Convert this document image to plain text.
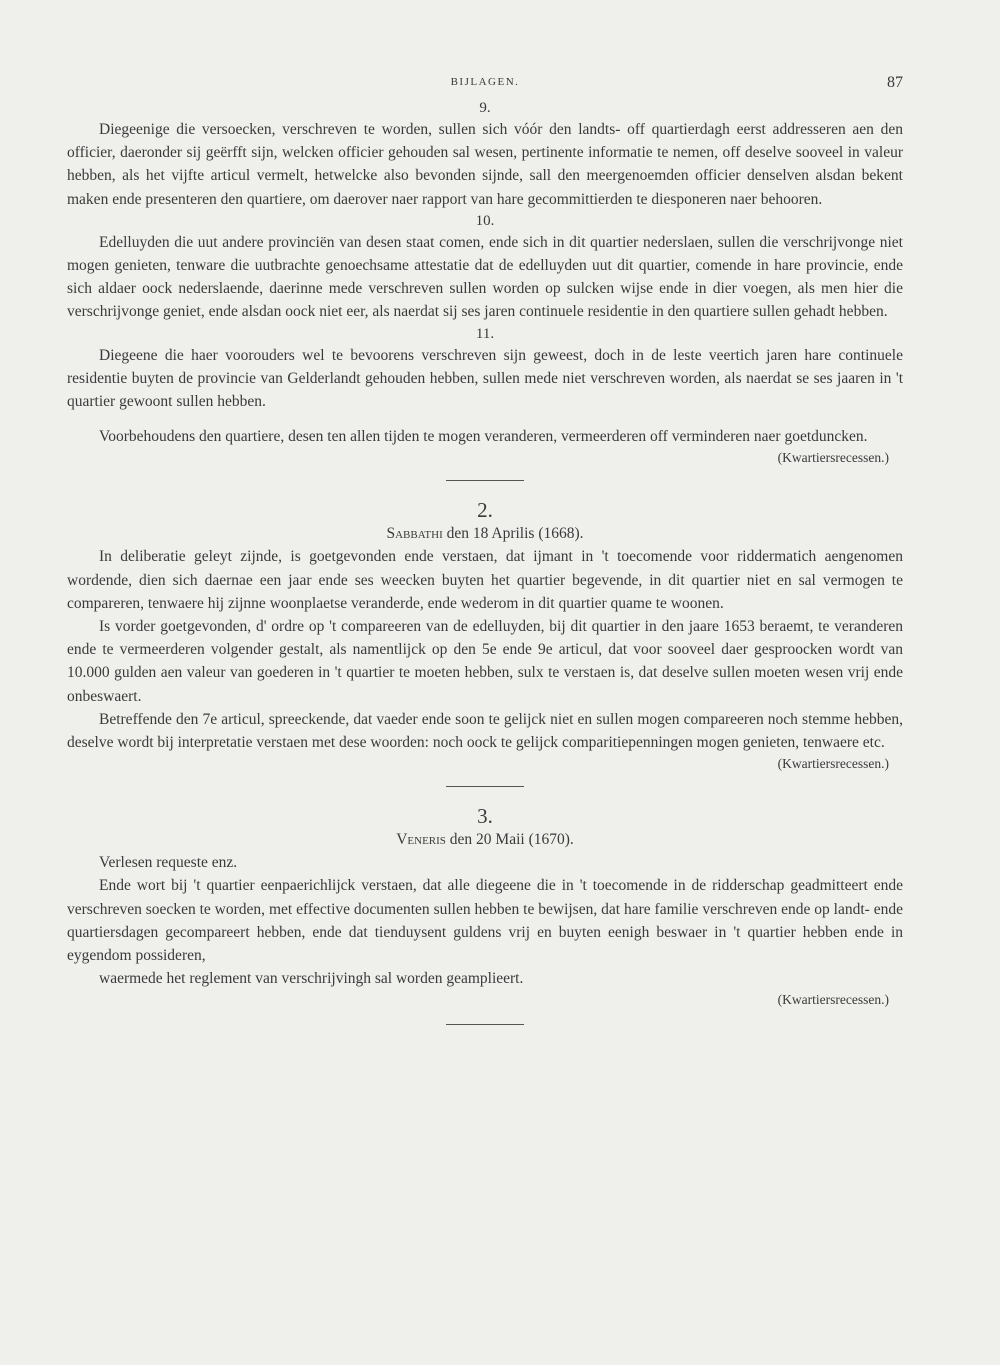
BIJLAGEN.	87

9.

Diegeenige die versoecken, verschreven te worden, sullen sich vóór den landts- off quartierdagh eerst addresseren aen den officier, daeronder sij geërfft sijn, welcken officier gehouden sal wesen, pertinente informatie te nemen, off deselve sooveel in valeur hebben, als het vijfte articul vermelt, hetwelcke also bevonden sijnde, sall den meergenoemden officier denselven alsdan bekent maken ende presenteren den quartiere, om daerover naer rapport van hare gecommittierden te diesponeren naer behooren.

10.

Edelluyden die uut andere provinciën van desen staat comen, ende sich in dit quartier nederslaen, sullen die verschrijvonge niet mogen genieten, tenware die uutbrachte genoechsame attestatie dat de edelluyden uut dit quartier, comende in hare provincie, ende sich aldaer oock nederslaende, daerinne mede verschreven sullen worden op sulcken wijse ende in dier voegen, als men hier die verschrijvonge geniet, ende alsdan oock niet eer, als naerdat sij ses jaren continuele residentie in den quartiere sullen gehadt hebben.

11.

Diegeene die haer voorouders wel te bevoorens verschreven sijn geweest, doch in de leste veertich jaren hare continuele residentie buyten de provincie van Gelderlandt gehouden hebben, sullen mede niet verschreven worden, als naerdat se ses jaaren in 't quartier gewoont sullen hebben.

Voorbehoudens den quartiere, desen ten allen tijden te mogen veranderen, vermeerderen off verminderen naer goetduncken.

(Kwartiersrecessen.)

2.

Sabbathi den 18 Aprilis (1668).

In deliberatie geleyt zijnde, is goetgevonden ende verstaen, dat ijmant in 't toecomende voor riddermatich aengenomen wordende, dien sich daernae een jaar ende ses weecken buyten het quartier begevende, in dit quartier niet en sal vermogen te compareren, tenwaere hij zijnne woonplaetse veranderde, ende wederom in dit quartier quame te woonen.

Is vorder goetgevonden, d' ordre op 't compareeren van de edelluyden, bij dit quartier in den jaare 1653 beraemt, te veranderen ende te vermeerderen volgender gestalt, als namentlijck op den 5e ende 9e articul, dat voor sooveel daer gesproocken wordt van 10.000 gulden aen valeur van goederen in 't quartier te moeten hebben, sulx te verstaen is, dat deselve sullen moeten wesen vrij ende onbeswaert.

Betreffende den 7e articul, spreeckende, dat vaeder ende soon te gelijck niet en sullen mogen compareeren noch stemme hebben, deselve wordt bij interpretatie verstaen met dese woorden: noch oock te gelijck comparitiepenningen mogen genieten, tenwaere etc.

(Kwartiersrecessen.)

3.

Veneris den 20 Maii (1670).

Verlesen requeste enz.

Ende wort bij 't quartier eenpaerichlijck verstaen, dat alle diegeene die in 't toecomende in de ridderschap geadmitteert ende verschreven soecken te worden, met effective documenten sullen hebben te bewijsen, dat hare familie verschreven ende op landt- ende quartiersdagen gecompareert hebben, ende dat tienduysent guldens vrij en buyten eenigh beswaer in 't quartier hebben ende in eygendom possideren,

waermede het reglement van verschrijvingh sal worden geamplieert.

(Kwartiersrecessen.)
